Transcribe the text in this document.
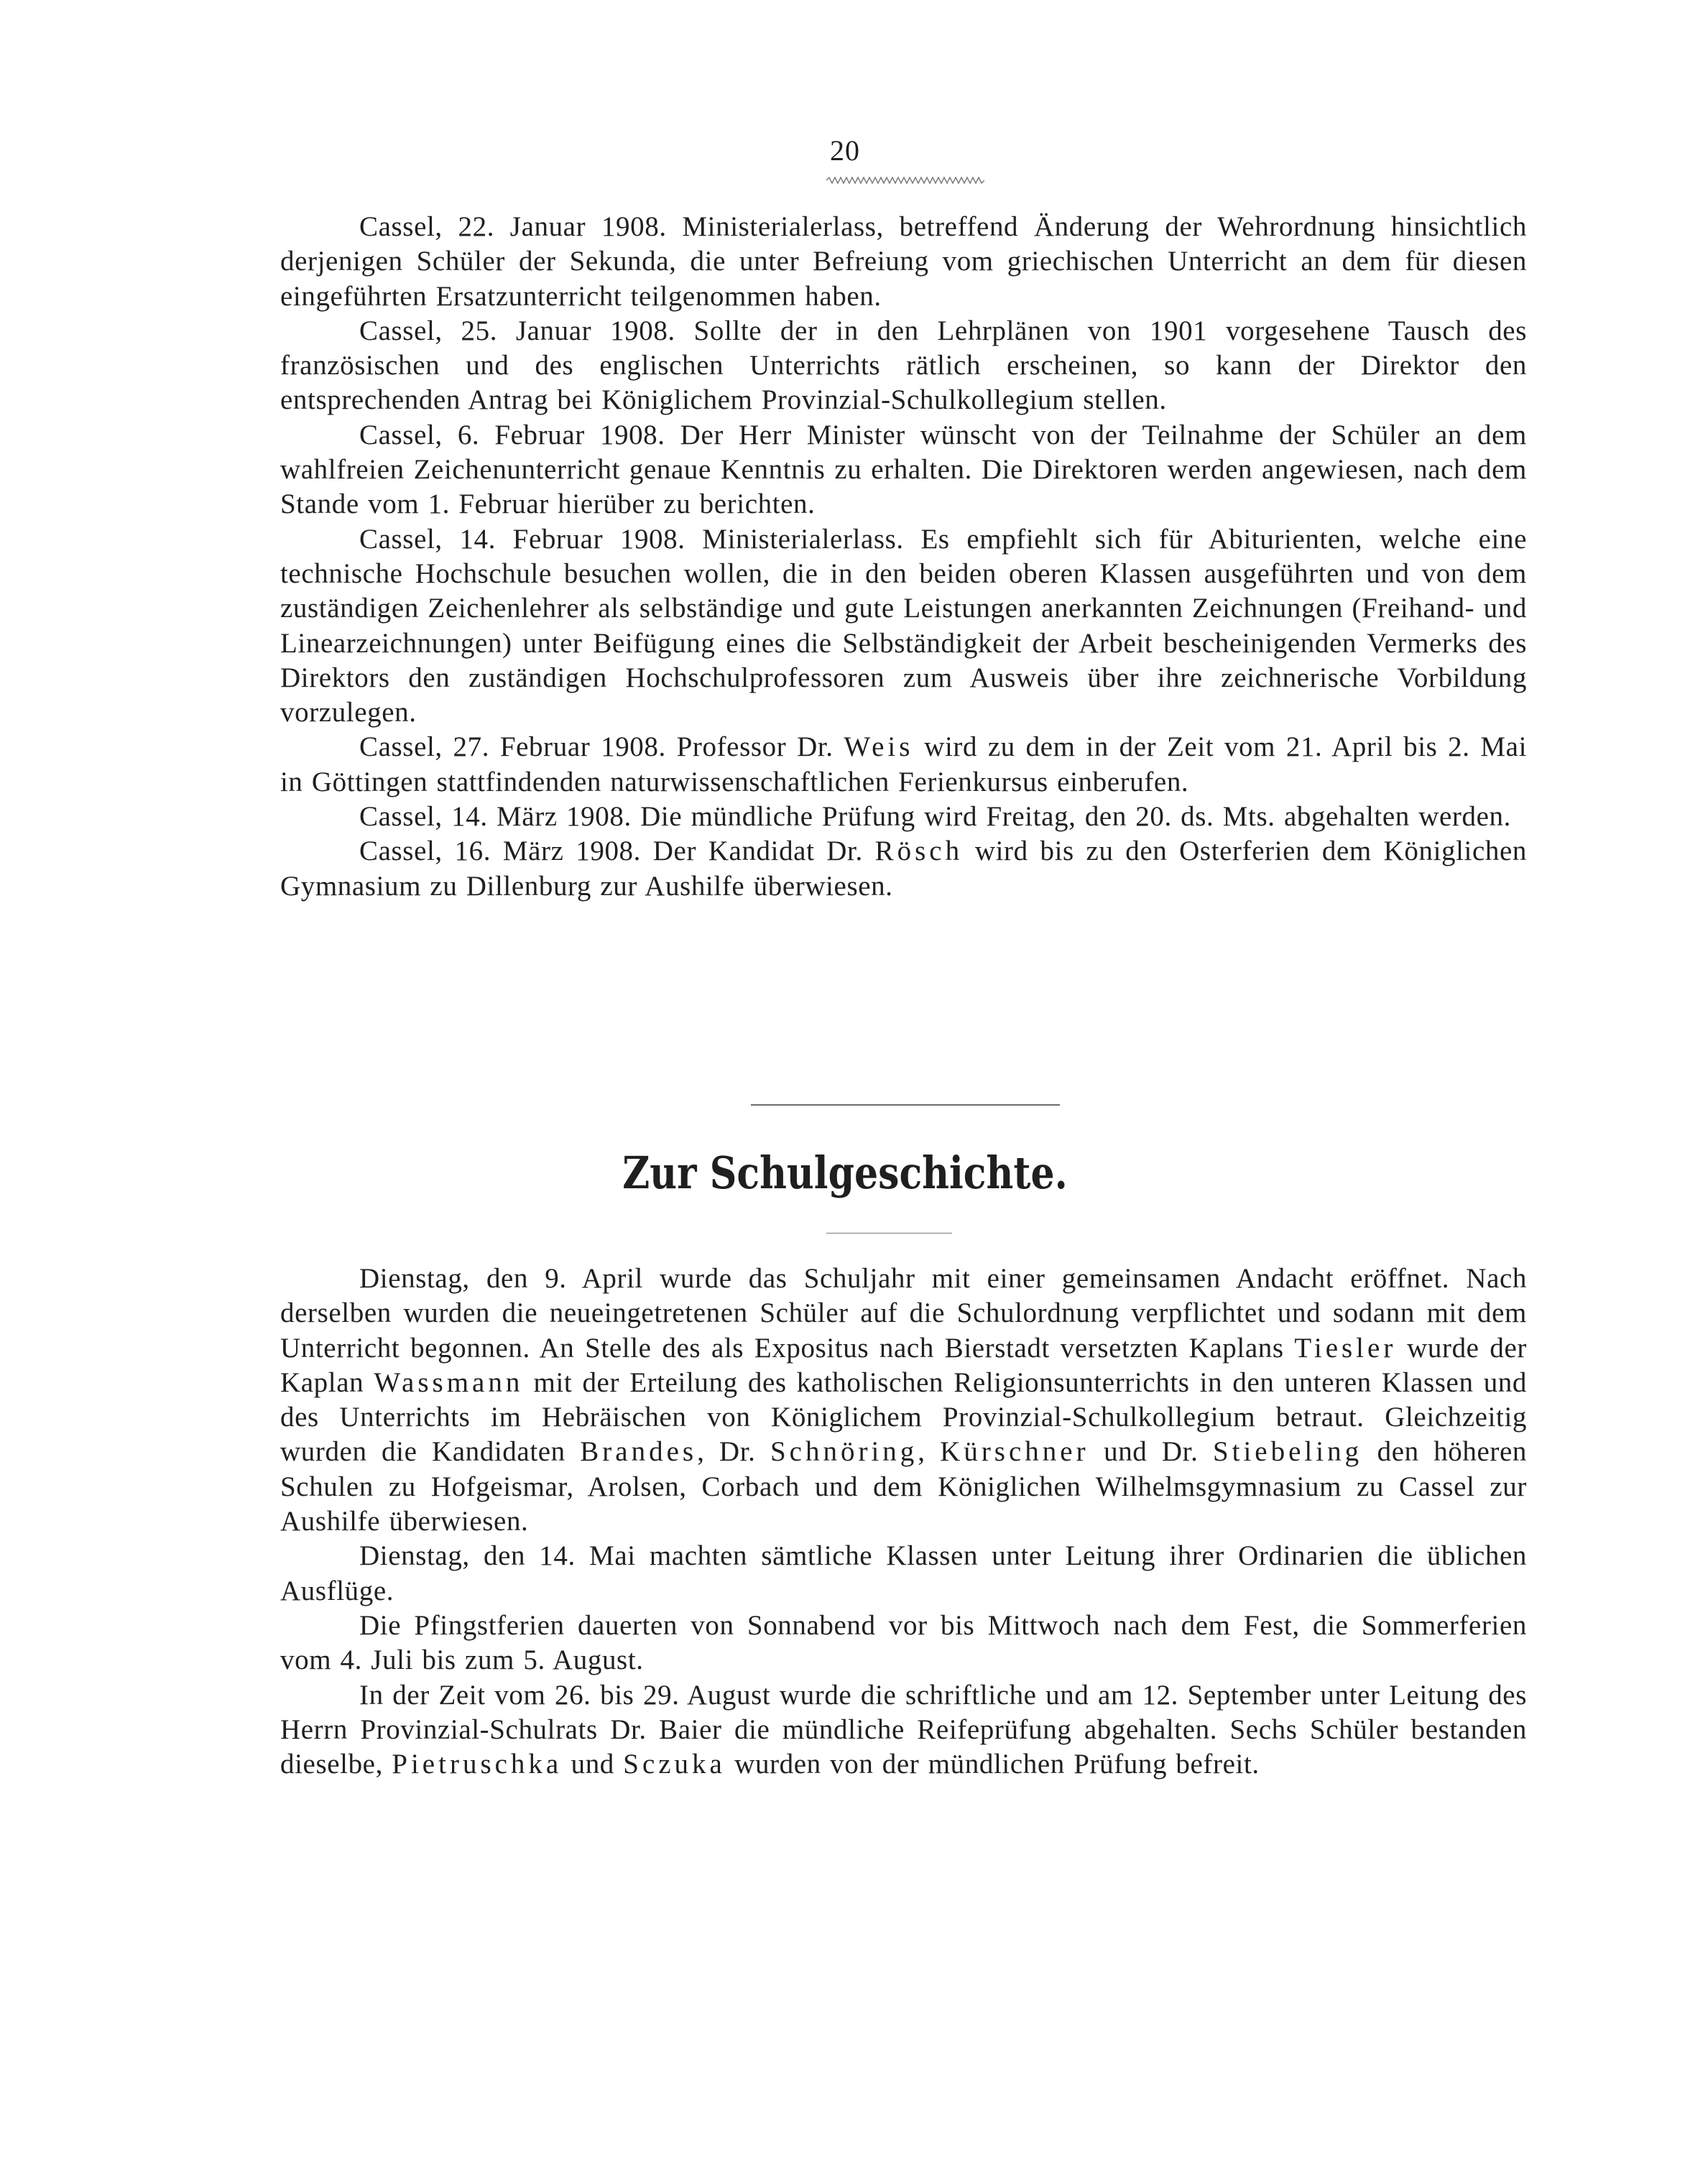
20

Cassel, 22. Januar 1908. Ministerialerlass, betreffend Änderung der Wehrordnung hinsichtlich derjenigen Schüler der Sekunda, die unter Befreiung vom griechischen Unterricht an dem für diesen eingeführten Ersatzunterricht teilgenommen haben.

Cassel, 25. Januar 1908. Sollte der in den Lehrplänen von 1901 vorgesehene Tausch des französischen und des englischen Unterrichts rätlich erscheinen, so kann der Direktor den entsprechenden Antrag bei Königlichem Provinzial-Schulkollegium stellen.

Cassel, 6. Februar 1908. Der Herr Minister wünscht von der Teilnahme der Schüler an dem wahlfreien Zeichenunterricht genaue Kenntnis zu erhalten. Die Direktoren werden angewiesen, nach dem Stande vom 1. Februar hierüber zu berichten.

Cassel, 14. Februar 1908. Ministerialerlass. Es empfiehlt sich für Abiturienten, welche eine technische Hochschule besuchen wollen, die in den beiden oberen Klassen ausgeführten und von dem zuständigen Zeichenlehrer als selbständige und gute Leistungen anerkannten Zeichnungen (Freihand- und Linearzeichnungen) unter Beifügung eines die Selbständigkeit der Arbeit bescheinigenden Vermerks des Direktors den zuständigen Hochschulprofessoren zum Ausweis über ihre zeichnerische Vorbildung vorzulegen.

Cassel, 27. Februar 1908. Professor Dr. Weis wird zu dem in der Zeit vom 21. April bis 2. Mai in Göttingen stattfindenden naturwissenschaftlichen Ferienkursus einberufen.

Cassel, 14. März 1908. Die mündliche Prüfung wird Freitag, den 20. ds. Mts. abgehalten werden.

Cassel, 16. März 1908. Der Kandidat Dr. Rösch wird bis zu den Osterferien dem Königlichen Gymnasium zu Dillenburg zur Aushilfe überwiesen.

Zur Schulgeschichte.

Dienstag, den 9. April wurde das Schuljahr mit einer gemeinsamen Andacht eröffnet. Nach derselben wurden die neueingetretenen Schüler auf die Schulordnung verpflichtet und sodann mit dem Unterricht begonnen. An Stelle des als Expositus nach Bierstadt versetzten Kaplans Tiesler wurde der Kaplan Wassmann mit der Erteilung des katholischen Religionsunterrichts in den unteren Klassen und des Unterrichts im Hebräischen von Königlichem Provinzial-Schulkollegium betraut. Gleichzeitig wurden die Kandidaten Brandes, Dr. Schnöring, Kürschner und Dr. Stiebeling den höheren Schulen zu Hofgeismar, Arolsen, Corbach und dem Königlichen Wilhelmsgymnasium zu Cassel zur Aushilfe überwiesen.

Dienstag, den 14. Mai machten sämtliche Klassen unter Leitung ihrer Ordinarien die üblichen Ausflüge.

Die Pfingstferien dauerten von Sonnabend vor bis Mittwoch nach dem Fest, die Sommerferien vom 4. Juli bis zum 5. August.

In der Zeit vom 26. bis 29. August wurde die schriftliche und am 12. September unter Leitung des Herrn Provinzial-Schulrats Dr. Baier die mündliche Reifeprüfung abgehalten. Sechs Schüler bestanden dieselbe, Pietruschka und Sczuka wurden von der mündlichen Prüfung befreit.
